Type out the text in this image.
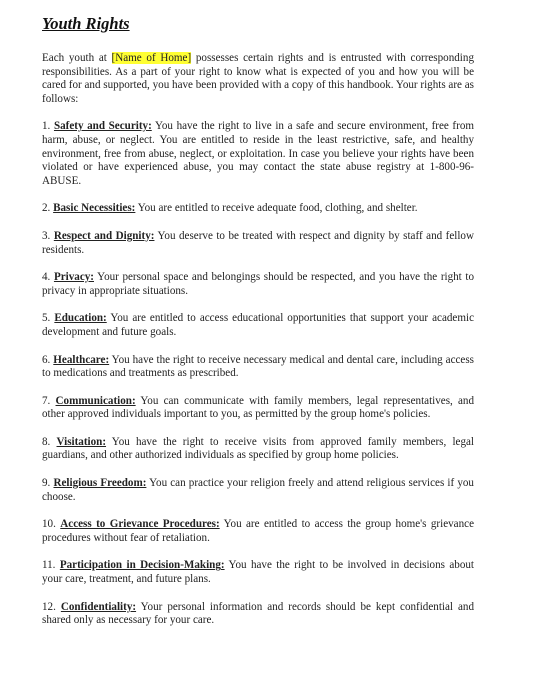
Youth Rights

Each youth at [Name of Home] possesses certain rights and is entrusted with corresponding responsibilities. As a part of your right to know what is expected of you and how you will be cared for and supported, you have been provided with a copy of this handbook. Your rights are as follows:

1. Safety and Security: You have the right to live in a safe and secure environment, free from harm, abuse, or neglect. You are entitled to reside in the least restrictive, safe, and healthy environment, free from abuse, neglect, or exploitation. In case you believe your rights have been violated or have experienced abuse, you may contact the state abuse registry at 1-800-96-ABUSE.

2. Basic Necessities: You are entitled to receive adequate food, clothing, and shelter.

3. Respect and Dignity: You deserve to be treated with respect and dignity by staff and fellow residents.

4. Privacy: Your personal space and belongings should be respected, and you have the right to privacy in appropriate situations.

5. Education: You are entitled to access educational opportunities that support your academic development and future goals.

6. Healthcare: You have the right to receive necessary medical and dental care, including access to medications and treatments as prescribed.

7. Communication: You can communicate with family members, legal representatives, and other approved individuals important to you, as permitted by the group home's policies.

8. Visitation: You have the right to receive visits from approved family members, legal guardians, and other authorized individuals as specified by group home policies.

9. Religious Freedom: You can practice your religion freely and attend religious services if you choose.

10. Access to Grievance Procedures: You are entitled to access the group home's grievance procedures without fear of retaliation.

11. Participation in Decision-Making: You have the right to be involved in decisions about your care, treatment, and future plans.

12. Confidentiality: Your personal information and records should be kept confidential and shared only as necessary for your care.
